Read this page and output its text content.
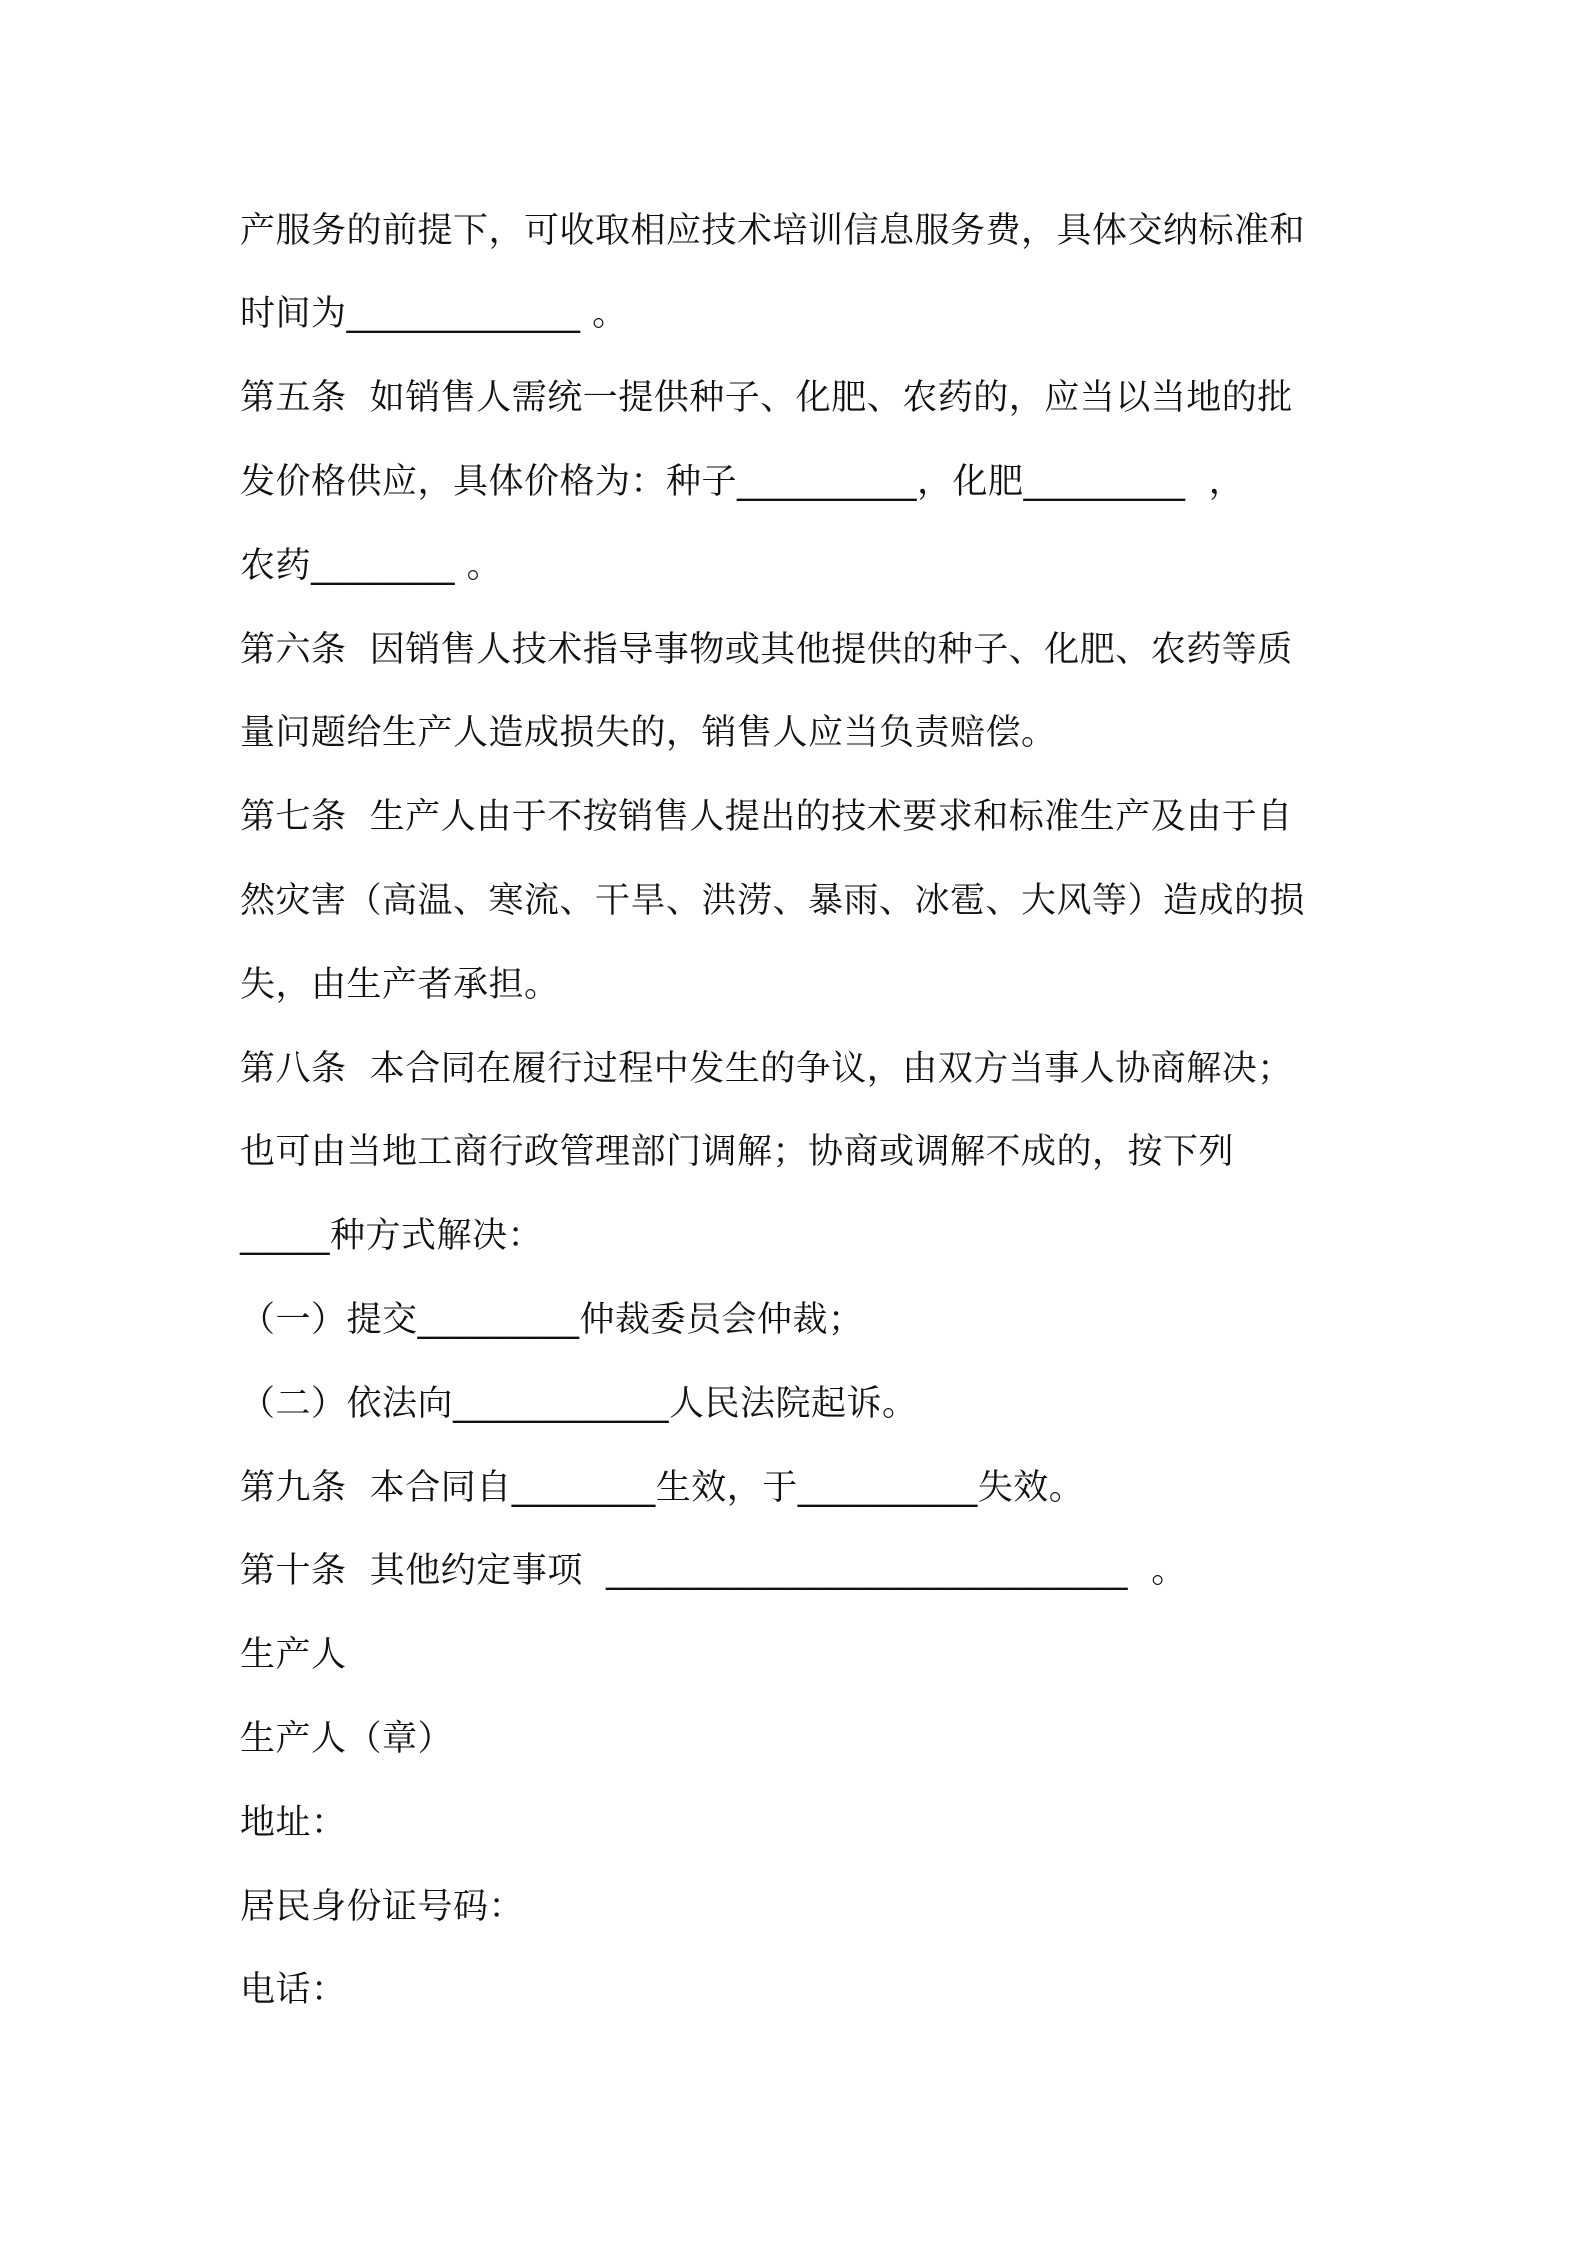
产服务的前提下，可收取相应技术培训信息服务费，具体交纳标准和
时间为_____________ 。
第五条  如销售人需统一提供种子、化肥、农药的，应当以当地的批
发价格供应，具体价格为：种子__________，化肥_________  ，
农药________ 。
第六条  因销售人技术指导事物或其他提供的种子、化肥、农药等质
量问题给生产人造成损失的，销售人应当负责赔偿。
第七条  生产人由于不按销售人提出的技术要求和标准生产及由于自
然灾害（高温、寒流、干旱、洪涝、暴雨、冰雹、大风等）造成的损
失，由生产者承担。
第八条  本合同在履行过程中发生的争议，由双方当事人协商解决；
也可由当地工商行政管理部门调解；协商或调解不成的，按下列
_____种方式解决：
（一）提交_________仲裁委员会仲裁；
（二）依法向____________人民法院起诉。
第九条  本合同自________生效，于__________失效。
第十条  其他约定事项  _____________________________  。
生产人
生产人（章）
地址：
居民身份证号码：
电话：
